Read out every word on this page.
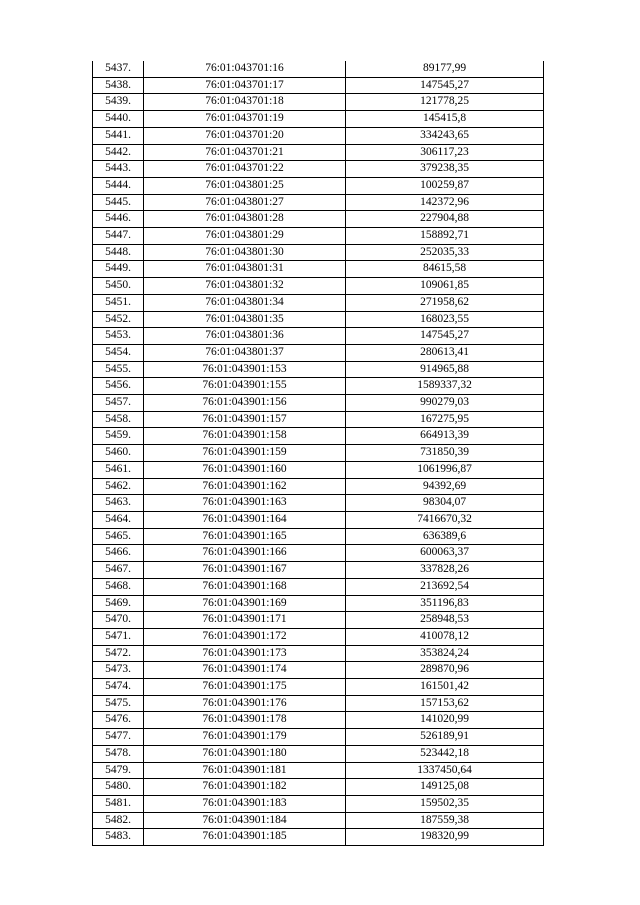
5437.	76:01:043701:16	89177,99
5438.	76:01:043701:17	147545,27
5439.	76:01:043701:18	121778,25
5440.	76:01:043701:19	145415,8
5441.	76:01:043701:20	334243,65
5442.	76:01:043701:21	306117,23
5443.	76:01:043701:22	379238,35
5444.	76:01:043801:25	100259,87
5445.	76:01:043801:27	142372,96
5446.	76:01:043801:28	227904,88
5447.	76:01:043801:29	158892,71
5448.	76:01:043801:30	252035,33
5449.	76:01:043801:31	84615,58
5450.	76:01:043801:32	109061,85
5451.	76:01:043801:34	271958,62
5452.	76:01:043801:35	168023,55
5453.	76:01:043801:36	147545,27
5454.	76:01:043801:37	280613,41
5455.	76:01:043901:153	914965,88
5456.	76:01:043901:155	1589337,32
5457.	76:01:043901:156	990279,03
5458.	76:01:043901:157	167275,95
5459.	76:01:043901:158	664913,39
5460.	76:01:043901:159	731850,39
5461.	76:01:043901:160	1061996,87
5462.	76:01:043901:162	94392,69
5463.	76:01:043901:163	98304,07
5464.	76:01:043901:164	7416670,32
5465.	76:01:043901:165	636389,6
5466.	76:01:043901:166	600063,37
5467.	76:01:043901:167	337828,26
5468.	76:01:043901:168	213692,54
5469.	76:01:043901:169	351196,83
5470.	76:01:043901:171	258948,53
5471.	76:01:043901:172	410078,12
5472.	76:01:043901:173	353824,24
5473.	76:01:043901:174	289870,96
5474.	76:01:043901:175	161501,42
5475.	76:01:043901:176	157153,62
5476.	76:01:043901:178	141020,99
5477.	76:01:043901:179	526189,91
5478.	76:01:043901:180	523442,18
5479.	76:01:043901:181	1337450,64
5480.	76:01:043901:182	149125,08
5481.	76:01:043901:183	159502,35
5482.	76:01:043901:184	187559,38
5483.	76:01:043901:185	198320,99
